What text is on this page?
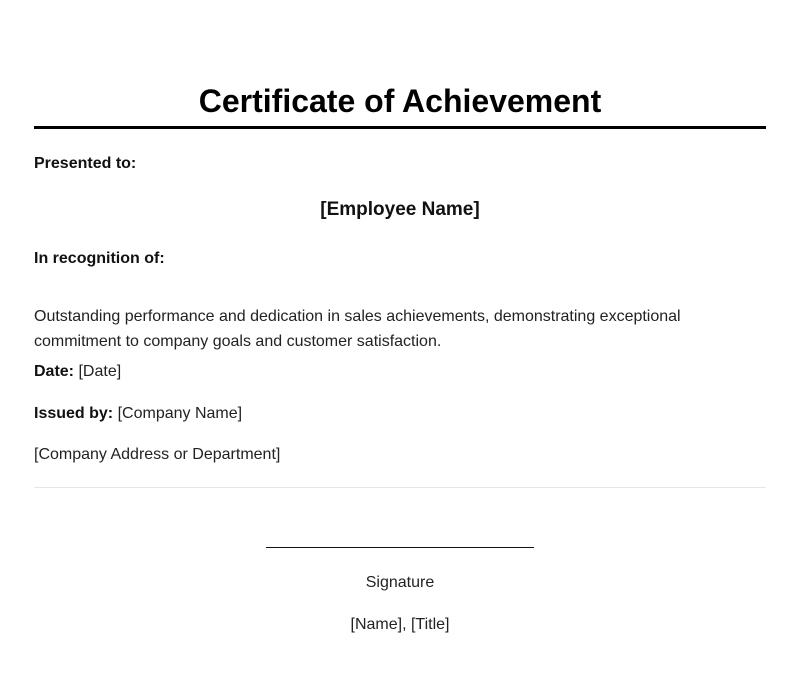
Certificate of Achievement
Presented to:
[Employee Name]
In recognition of:

Outstanding performance and dedication in sales achievements, demonstrating exceptional commitment to company goals and customer satisfaction.

Date: [Date]
Issued by: [Company Name]
[Company Address or Department]
Signature
[Name], [Title]
